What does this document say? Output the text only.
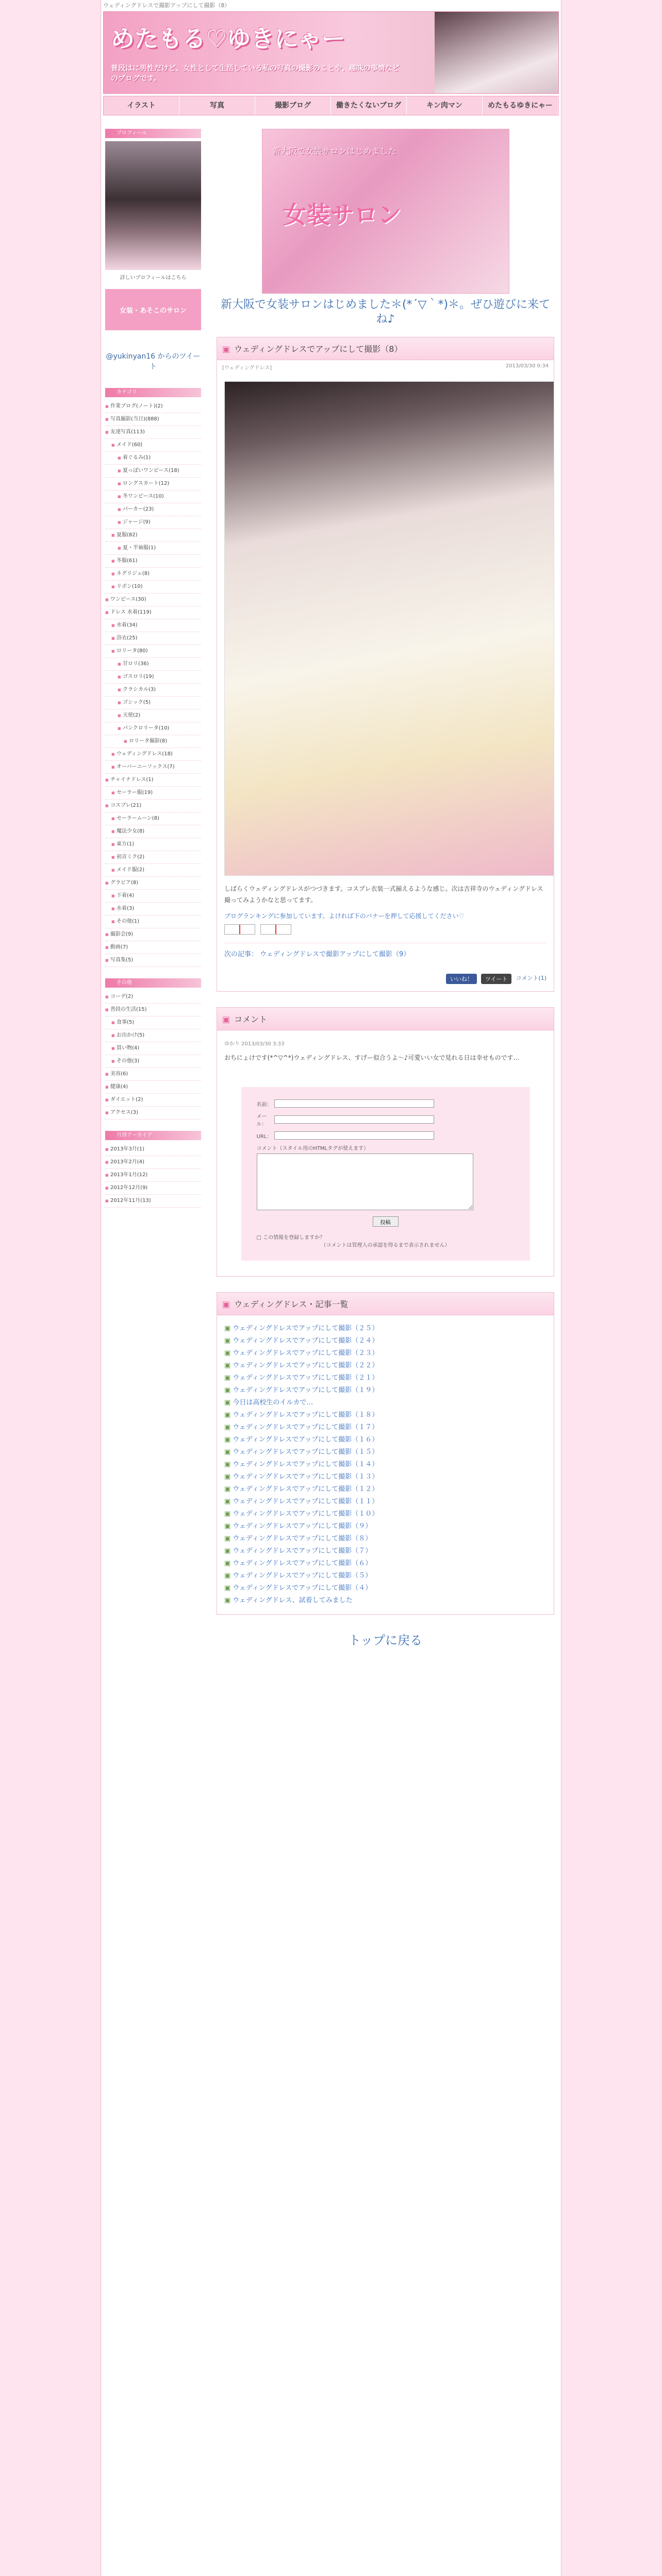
ウェディングドレスで撮影アップにして撮影（8）
めたもる♡ゆきにゃー
普段はに男性だけど、女性として生活している私の写真の撮影のことや、趣味の事情などのブログです。
イラスト	写真	撮影ブログ	働きたくないブログ	キン肉マン	めたもるゆきにゃー
プロフィール
詳しいプロフィールはこちら
女装・あそこのサロン
@yukinyan16 からのツイート
カテゴリ
■ 作業ブログ(ノート)(2)
■ 写真撮影(当日)(888)
■ 友達写真(113)
■ メイド(60)
■ 着ぐるみ(1)
■ 夏っぽいワンピース(18)
■ ロングスカート(12)
■ 冬ワンピース(10)
■ パーカー(23)
■ ジャージ(9)
■ 夏服(82)
■ 夏・半袖服(1)
■ 冬服(61)
■ ネグリジェ(8)
■ リボン(10)
■ ワンピース(30)
■ ドレス 水着(119)
■ 水着(34)
■ 浴衣(25)
■ ロリータ(80)
■ 甘ロリ(36)
■ ゴスロリ(19)
■ クラシカル(3)
■ ゴシック(5)
■ 天使(2)
■ パンクロリータ(10)
■ ロリータ撮影(8)
■ ウェディングドレス(18)
■ オーバーニーソックス(7)
■ チャイナドレス(1)
■ セーラー服(19)
■ コスプレ(21)
■ セーラームーン(8)
■ 魔法少女(8)
■ 東方(1)
■ 初音ミク(2)
■ メイド服(2)
■ グラビア(8)
■ 下着(4)
■ 水着(3)
■ その他(1)
■ 撮影会(9)
■ 動画(7)
■ 写真集(5)
その他
■ コーデ(2)
■ 普段の生活(15)
■ 食事(5)
■ お出かけ(5)
■ 買い物(4)
■ その他(3)
■ 美容(6)
■ 健康(4)
■ ダイエット(2)
■ アクセス(3)
月別アーカイブ
■ 2013年3月(1)
■ 2013年2月(4)
■ 2013年1月(12)
■ 2012年12月(9)
■ 2012年11月(13)
新大阪で女装サロンはじめました
女装サロン
新大阪で女装サロンはじめました＊(*´▽｀*)＊。ぜひ遊びに来てね♪
▣ ウェディングドレスでアップにして撮影（8）
[ウェディングドレス]	2013/03/30 0:34
しばらくウェディングドレスがつづきます。コスプレ衣装一式揃えるような感じ。次は吉祥寺のウェディングドレス撮ってみようかなと思ってます。
ブログランキングに参加しています。よければ下のバナーを押して応援してください♡
次の記事： ウェディングドレスで撮影アップにして撮影（9）
いいね！	ツイート	コメント(1)
▣ コメント
ゆかり 2013/03/30 3:33
おちにょけです(*^▽^*)ウェディングドレス、すげー似合うよ〜♪可愛いい女で見れる日は幸せものです…
名前：
メール：
URL：
コメント（スタイル用のHTMLタグが使えます）
投稿
□ この情報を登録しますか？
（コメントは管理人の承認を得るまで表示されません）
▣ ウェディングドレス・記事一覧
▣ ウェディングドレスでアップにして撮影（２５）
▣ ウェディングドレスでアップにして撮影（２４）
▣ ウェディングドレスでアップにして撮影（２３）
▣ ウェディングドレスでアップにして撮影（２２）
▣ ウェディングドレスでアップにして撮影（２１）
▣ ウェディングドレスでアップにして撮影（１９）
▣ 今日は高校生のイルカで…
▣ ウェディングドレスでアップにして撮影（１８）
▣ ウェディングドレスでアップにして撮影（１７）
▣ ウェディングドレスでアップにして撮影（１６）
▣ ウェディングドレスでアップにして撮影（１５）
▣ ウェディングドレスでアップにして撮影（１４）
▣ ウェディングドレスでアップにして撮影（１３）
▣ ウェディングドレスでアップにして撮影（１２）
▣ ウェディングドレスでアップにして撮影（１１）
▣ ウェディングドレスでアップにして撮影（１０）
▣ ウェディングドレスでアップにして撮影（９）
▣ ウェディングドレスでアップにして撮影（８）
▣ ウェディングドレスでアップにして撮影（７）
▣ ウェディングドレスでアップにして撮影（６）
▣ ウェディングドレスでアップにして撮影（５）
▣ ウェディングドレスでアップにして撮影（４）
▣ ウェディングドレス、試着してみました
トップに戻る
